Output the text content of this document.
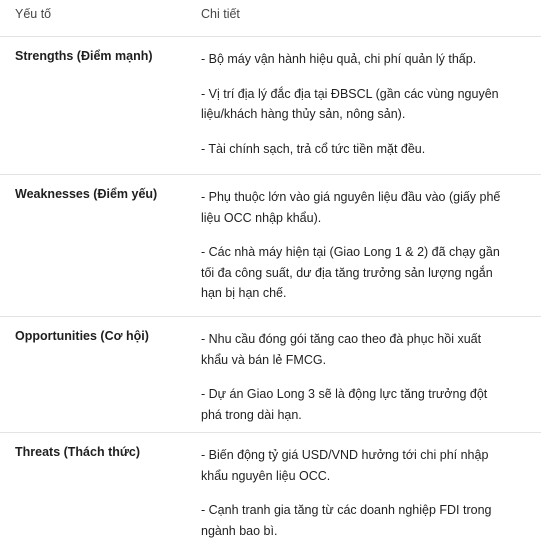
Yếu tố	Chi tiết
Strengths (Điểm mạnh)	- Bộ máy vận hành hiệu quả, chi phí quản lý thấp.

- Vị trí địa lý đắc địa tại ĐBSCL (gần các vùng nguyên liệu/khách hàng thủy sản, nông sản).

- Tài chính sạch, trả cổ tức tiền mặt đều.

Weaknesses (Điểm yếu)	- Phụ thuộc lớn vào giá nguyên liệu đầu vào (giấy phế liệu OCC nhập khẩu).

- Các nhà máy hiện tại (Giao Long 1 & 2) đã chạy gần tối đa công suất, dư địa tăng trưởng sản lượng ngắn hạn bị hạn chế.

Opportunities (Cơ hội)	- Nhu cầu đóng gói tăng cao theo đà phục hồi xuất khẩu và bán lẻ FMCG.

- Dự án Giao Long 3 sẽ là động lực tăng trưởng đột phá trong dài hạn.

Threats (Thách thức)	- Biến động tỷ giá USD/VND hưởng tới chi phí nhập khẩu nguyên liệu OCC.

- Cạnh tranh gia tăng từ các doanh nghiệp FDI trong ngành bao bì.
